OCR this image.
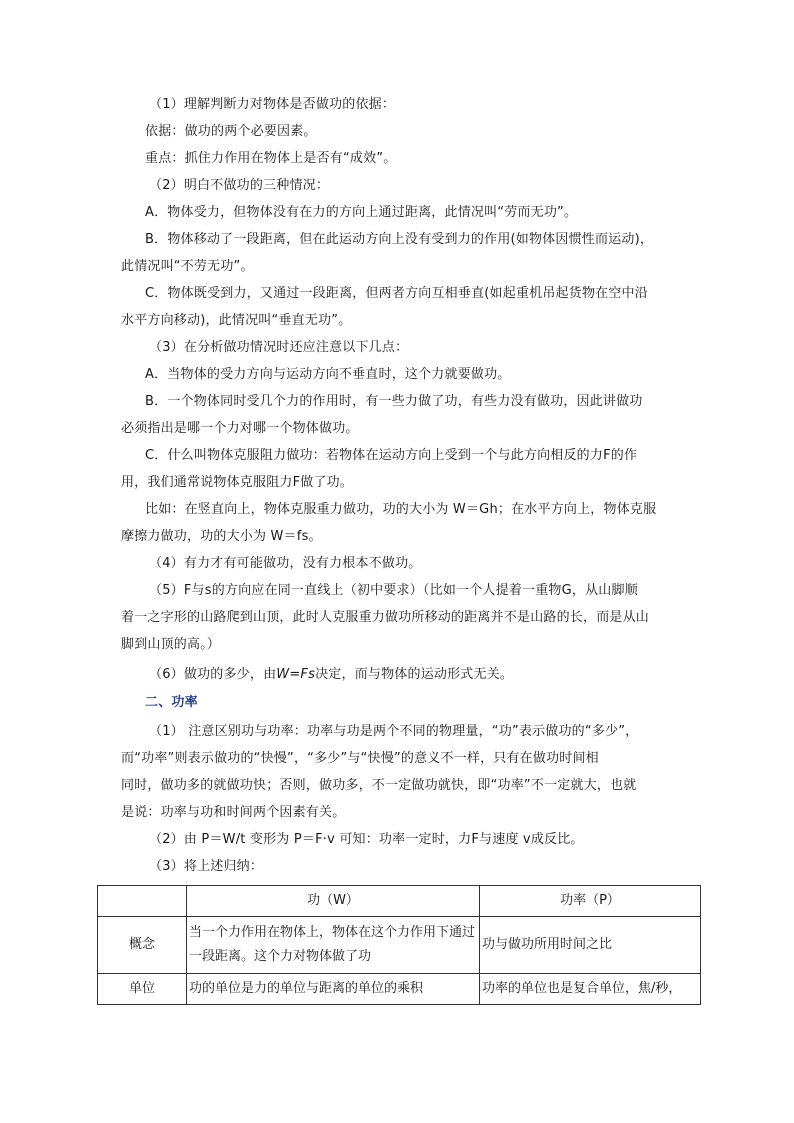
（1）理解判断力对物体是否做功的依据：
依据：做功的两个必要因素。
重点：抓住力作用在物体上是否有“成效”。
（2）明白不做功的三种情况：
A．物体受力，但物体没有在力的方向上通过距离，此情况叫“劳而无功”。
B．物体移动了一段距离，但在此运动方向上没有受到力的作用(如物体因惯性而运动)，
此情况叫“不劳无功”。
C．物体既受到力，又通过一段距离，但两者方向互相垂直(如起重机吊起货物在空中沿
水平方向移动)，此情况叫“垂直无功”。
（3）在分析做功情况时还应注意以下几点：
A．当物体的受力方向与运动方向不垂直时，这个力就要做功。
B．一个物体同时受几个力的作用时，有一些力做了功，有些力没有做功，因此讲做功
必须指出是哪一个力对哪一个物体做功。
C．什么叫物体克服阻力做功：若物体在运动方向上受到一个与此方向相反的力F的作
用，我们通常说物体克服阻力F做了功。
比如：在竖直向上，物体克服重力做功，功的大小为 W＝Gh；在水平方向上，物体克服
摩擦力做功，功的大小为 W＝fs。
（4）有力才有可能做功，没有力根本不做功。
（5）F与s的方向应在同一直线上（初中要求）（比如一个人提着一重物G，从山脚顺
着一之字形的山路爬到山顶，此时人克服重力做功所移动的距离并不是山路的长，而是从山
脚到山顶的高。）
（6）做功的多少，由W=Fs决定，而与物体的运动形式无关。
二、功率
（1） 注意区别功与功率：功率与功是两个不同的物理量，“功”表示做功的“多少”，
而“功率”则表示做功的“快慢”，“多少”与“快慢”的意义不一样，只有在做功时间相
同时，做功多的就做功快；否则，做功多，不一定做功就快，即“功率”不一定就大，也就
是说：功率与功和时间两个因素有关。
（2）由 P＝W/t 变形为 P＝F·v 可知：功率一定时，力F与速度 v成反比。
（3）将上述归纳：
	功（W）	功率（P）
概念	当一个力作用在物体上，物体在这个力作用下通过一段距离。这个力对物体做了功	功与做功所用时间之比
单位	功的单位是力的单位与距离的单位的乘积	功率的单位也是复合单位，焦/秒，
